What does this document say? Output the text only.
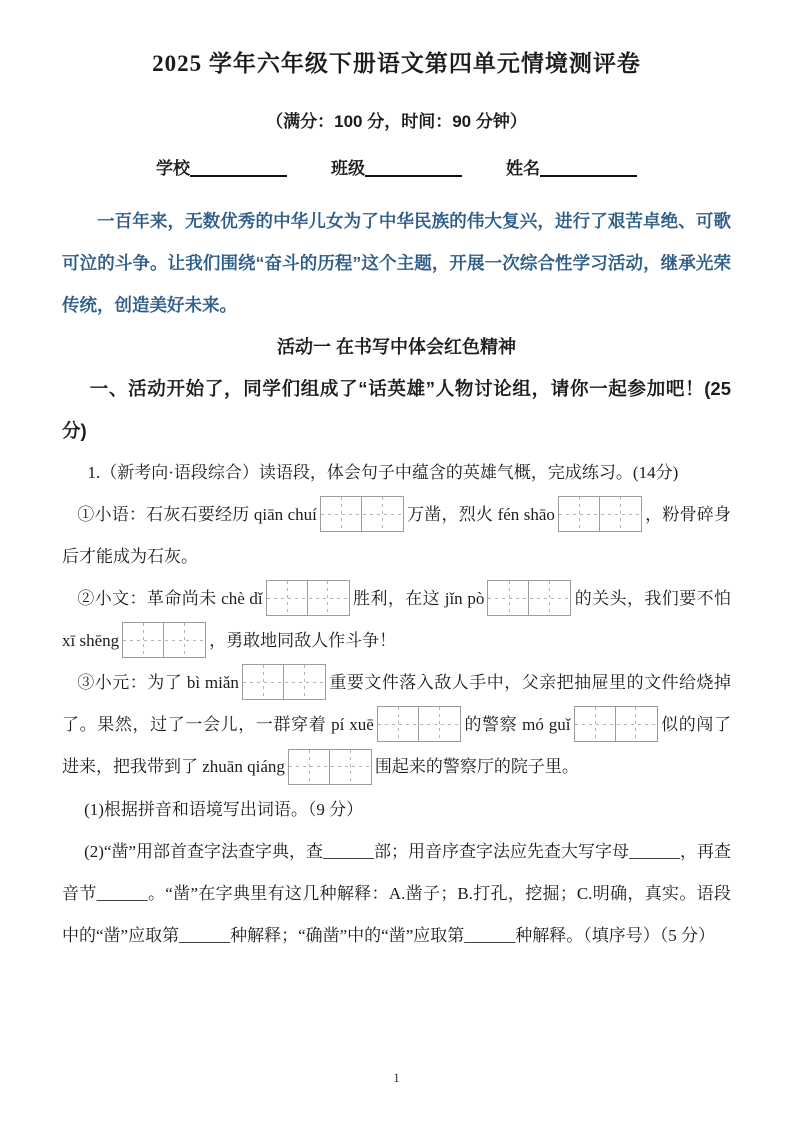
2025 学年六年级下册语文第四单元情境测评卷
（满分：100 分，时间：90 分钟）
学校	班级	姓名

一百年来，无数优秀的中华儿女为了中华民族的伟大复兴，进行了艰苦卓绝、可歌可泣的斗争。让我们围绕“奋斗的历程”这个主题，开展一次综合性学习活动，继承光荣传统，创造美好未来。

活动一 在书写中体会红色精神

一、活动开始了，同学们组成了“话英雄”人物讨论组，请你一起参加吧！(25分)

1.（新考向·语段综合）读语段，体会句子中蕴含的英雄气概，完成练习。(14分)

①小语：石灰石要经历 qiān chuí	万凿，烈火 fén shāo	，粉骨碎身后才能成为石灰。

②小文：革命尚未 chè dǐ	胜利，在这 jǐn pò	的关头，我们要不怕 xī shēng	，勇敢地同敌人作斗争！

③小元：为了 bì miǎn	重要文件落入敌人手中，父亲把抽屉里的文件给烧掉了。果然，过了一会儿，一群穿着 pí xuē	的警察 mó guǐ	似的闯了进来，把我带到了 zhuān qiáng	围起来的警察厅的院子里。

(1)根据拼音和语境写出词语。（9 分）

(2)“凿”用部首查字法查字典，查______部；用音序查字法应先查大写字母______，再查音节______。“凿”在字典里有这几种解释：A.凿子；B.打孔，挖掘；C.明确，真实。语段中的“凿”应取第______种解释；“确凿”中的“凿”应取第______种解释。（填序号）（5 分）

1
